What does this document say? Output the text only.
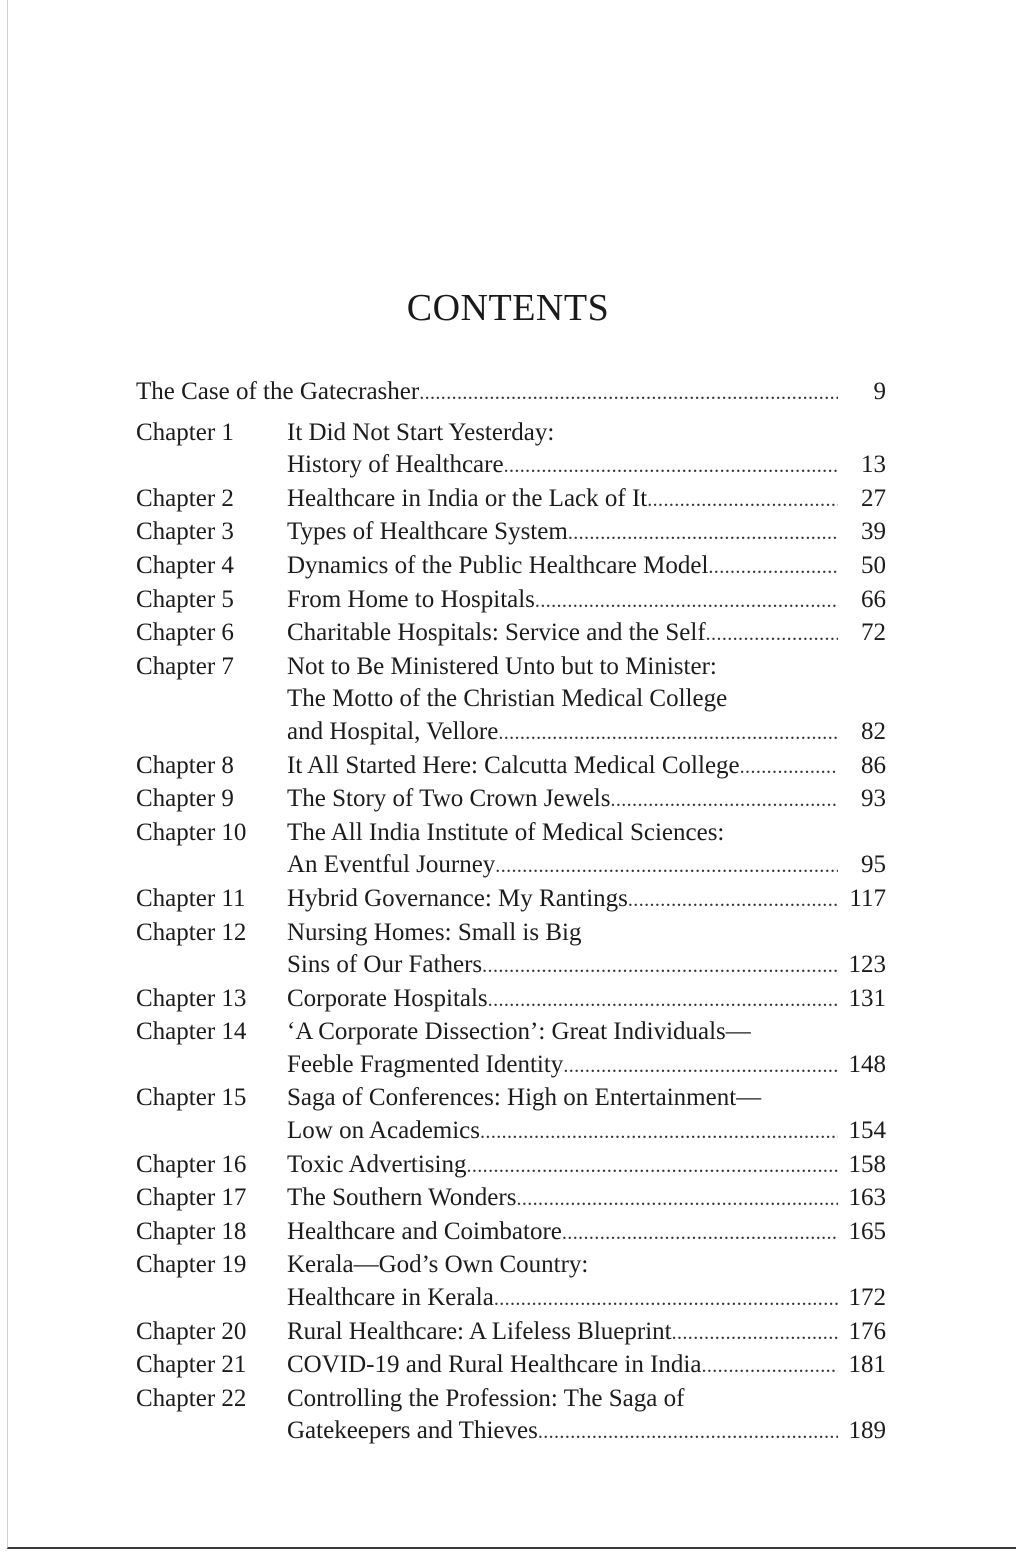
CONTENTS
The Case of the Gatecrasher .....	9
Chapter 1	It Did Not Start Yesterday:
History of Healthcare .....	13
Chapter 2	Healthcare in India or the Lack of It .....	27
Chapter 3	Types of Healthcare System .....	39
Chapter 4	Dynamics of the Public Healthcare Model .....	50
Chapter 5	From Home to Hospitals .....	66
Chapter 6	Charitable Hospitals: Service and the Self .....	72
Chapter 7	Not to Be Ministered Unto but to Minister:
The Motto of the Christian Medical College
and Hospital, Vellore .....	82
Chapter 8	It All Started Here: Calcutta Medical College .....	86
Chapter 9	The Story of Two Crown Jewels .....	93
Chapter 10	The All India Institute of Medical Sciences:
An Eventful Journey .....	95
Chapter 11	Hybrid Governance: My Rantings .....	117
Chapter 12	Nursing Homes: Small is Big
Sins of Our Fathers .....	123
Chapter 13	Corporate Hospitals .....	131
Chapter 14	‘A Corporate Dissection’: Great Individuals—
Feeble Fragmented Identity .....	148
Chapter 15	Saga of Conferences: High on Entertainment—
Low on Academics .....	154
Chapter 16	Toxic Advertising .....	158
Chapter 17	The Southern Wonders .....	163
Chapter 18	Healthcare and Coimbatore .....	165
Chapter 19	Kerala—God’s Own Country:
Healthcare in Kerala .....	172
Chapter 20	Rural Healthcare: A Lifeless Blueprint .....	176
Chapter 21	COVID-19 and Rural Healthcare in India .....	181
Chapter 22	Controlling the Profession: The Saga of
Gatekeepers and Thieves .....	189
